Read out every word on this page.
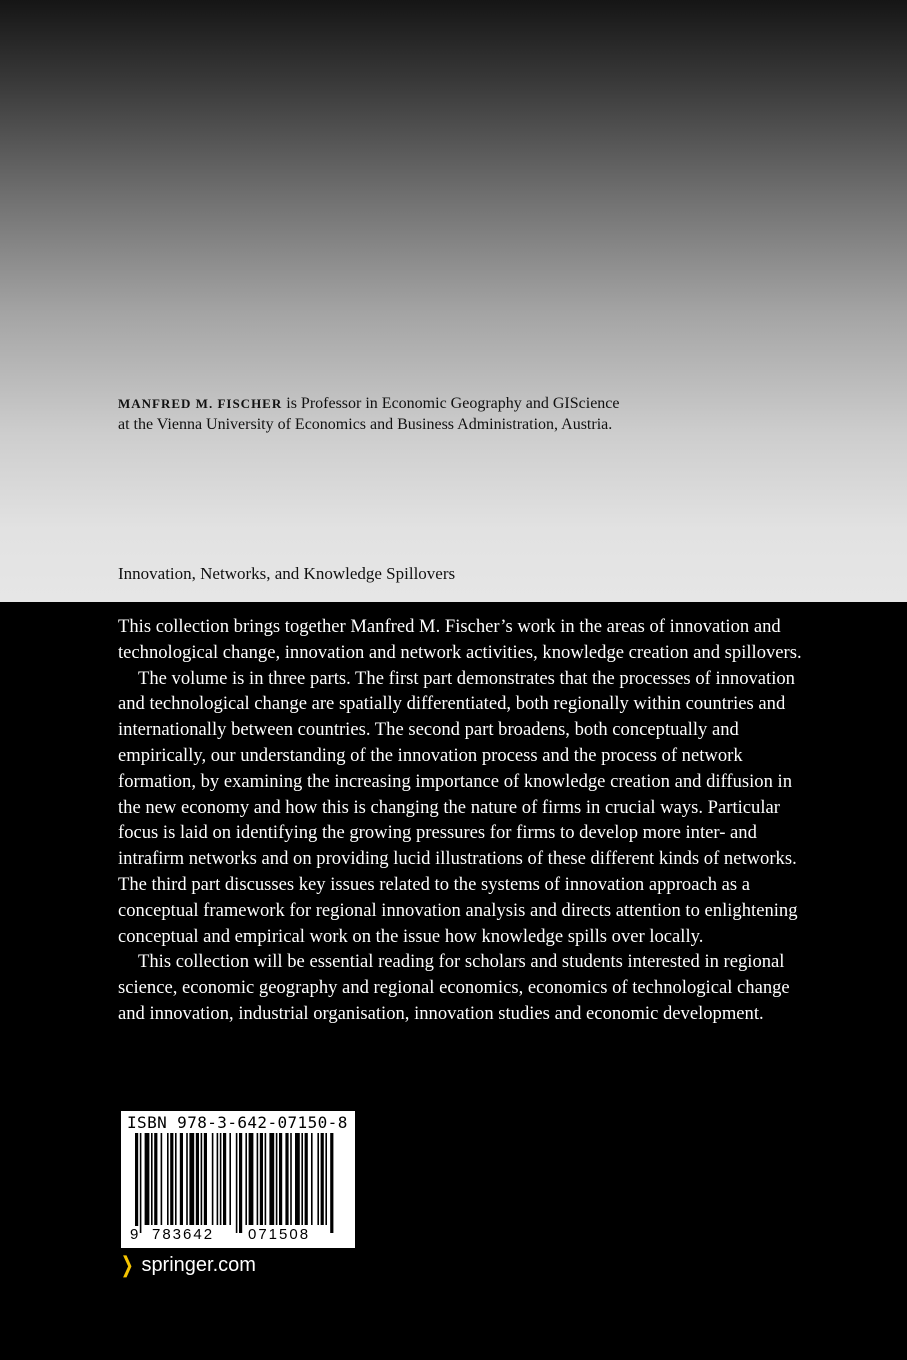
MANFRED M. FISCHER is Professor in Economic Geography and GIScience
at the Vienna University of Economics and Business Administration, Austria.
Innovation, Networks, and Knowledge Spillovers

This collection brings together Manfred M. Fischer’s work in the areas of innovation and technological change, innovation and network activities, knowledge creation and spillovers.

The volume is in three parts. The first part demonstrates that the processes of innovation and technological change are spatially differentiated, both regionally within countries and internationally between countries. The second part broadens, both conceptually and empirically, our understanding of the innovation process and the process of network formation, by examining the increasing importance of knowledge creation and diffusion in the new economy and how this is changing the nature of firms in crucial ways. Particular focus is laid on identifying the growing pressures for firms to develop more inter- and intrafirm networks and on providing lucid illustrations of these different kinds of networks. The third part discusses key issues related to the systems of innovation approach as a conceptual framework for regional innovation analysis and directs attention to enlightening conceptual and empirical work on the issue how knowledge spills over locally.

This collection will be essential reading for scholars and students interested in regional science, economic geography and regional economics, economics of technological change and innovation, industrial organisation, innovation studies and economic development.

ISBN 978-3-642-07150-8
9 783642 071508
❯ springer.com
